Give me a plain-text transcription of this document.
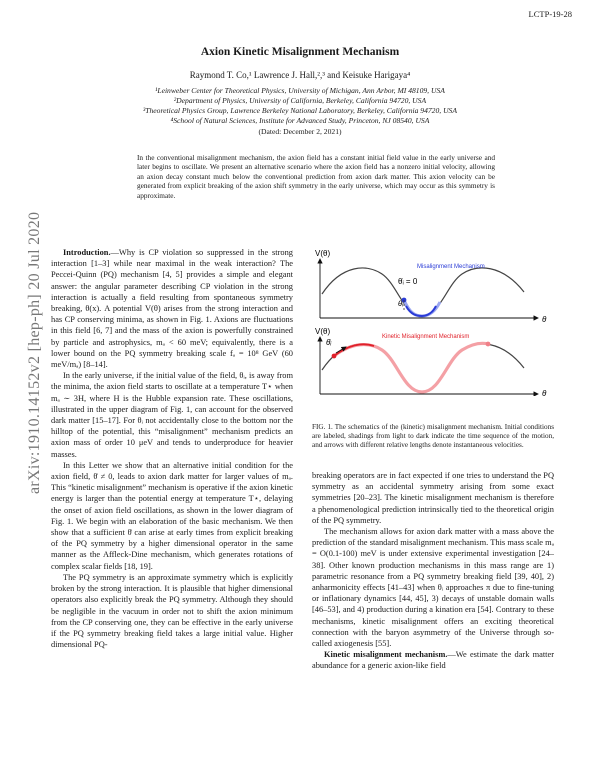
LCTP-19-28
arXiv:1910.14152v2 [hep-ph] 20 Jul 2020
Axion Kinetic Misalignment Mechanism
Raymond T. Co,¹ Lawrence J. Hall,²,³ and Keisuke Harigaya⁴
¹Leinweber Center for Theoretical Physics, University of Michigan, Ann Arbor, MI 48109, USA
²Department of Physics, University of California, Berkeley, California 94720, USA
³Theoretical Physics Group, Lawrence Berkeley National Laboratory, Berkeley, California 94720, USA
⁴School of Natural Sciences, Institute for Advanced Study, Princeton, NJ 08540, USA
(Dated: December 2, 2021)
In the conventional misalignment mechanism, the axion field has a constant initial field value in the early universe and later begins to oscillate. We present an alternative scenario where the axion field has a nonzero initial velocity, allowing an axion decay constant much below the conventional prediction from axion dark matter. This axion velocity can be generated from explicit breaking of the axion shift symmetry in the early universe, which may occur as this symmetry is approximate.

Introduction.—Why is CP violation so suppressed in the strong interaction [1–3] while near maximal in the weak interaction? The Peccei-Quinn (PQ) mechanism [4, 5] provides a simple and elegant answer: the angular parameter describing CP violation in the strong interaction is actually a field resulting from spontaneous symmetry breaking, θ(x). A potential V(θ) arises from the strong interaction and has CP conserving minima, as shown in Fig. 1. Axions are fluctuations in this field [6, 7] and the mass of the axion is powerfully constrained by particle and astrophysics, mₐ < 60 meV; equivalently, there is a lower bound on the PQ symmetry breaking scale fₐ = 10⁸ GeV (60 meV/mₐ) [8–14].

In the early universe, if the initial value of the field, θᵢ, is away from the minima, the axion field starts to oscillate at a temperature T⋆ when mₐ ∼ 3H, where H is the Hubble expansion rate. These oscillations, illustrated in the upper diagram of Fig. 1, can account for the observed dark matter [15–17]. For θᵢ not accidentally close to the bottom nor the hilltop of the potential, this “misalignment” mechanism predicts an axion mass of order 10 μeV and tends to underproduce for heavier masses.

In this Letter we show that an alternative initial condition for the axion field, θ̇ ≠ 0, leads to axion dark matter for larger values of mₐ. This “kinetic misalignment” mechanism is operative if the axion kinetic energy is larger than the potential energy at temperature T⋆, delaying the onset of axion field oscillations, as shown in the lower diagram of Fig. 1. We begin with an elaboration of the basic mechanism. We then show that a sufficient θ̇ can arise at early times from explicit breaking of the PQ symmetry by a higher dimensional operator in the same manner as the Affleck-Dine mechanism, which generates rotations of complex scalar fields [18, 19].

The PQ symmetry is an approximate symmetry which is explicitly broken by the strong interaction. It is plausible that higher dimensional operators also explicitly break the PQ symmetry. Although they should be negligible in the vacuum in order not to shift the axion minimum from the CP conserving one, they can be effective in the early universe if the PQ symmetry breaking field takes a large initial value. Higher dimensional PQ-

V(θ)
θ
θ̇ᵢ = 0
θᵢ
Misalignment Mechanism
V(θ)
θ
θ̇ᵢ
Kinetic Misalignment Mechanism
FIG. 1. The schematics of the (kinetic) misalignment mechanism. Initial conditions are labeled, shadings from light to dark indicate the time sequence of the motion, and arrows with different relative lengths denote instantaneous velocities.

breaking operators are in fact expected if one tries to understand the PQ symmetry as an accidental symmetry arising from some exact symmetries [20–23]. The kinetic misalignment mechanism is therefore a phenomenological prediction intrinsically tied to the theoretical origin of the PQ symmetry.

The mechanism allows for axion dark matter with a mass above the prediction of the standard misalignment mechanism. This mass scale mₐ = O(0.1-100) meV is under extensive experimental investigation [24–38]. Other known production mechanisms in this mass range are 1) parametric resonance from a PQ symmetry breaking field [39, 40], 2) anharmonicity effects [41–43] when θᵢ approaches π due to fine-tuning or inflationary dynamics [44, 45], 3) decays of unstable domain walls [46–53], and 4) production during a kination era [54]. Contrary to these mechanisms, kinetic misalignment offers an exciting theoretical connection with the baryon asymmetry of the Universe through so-called axiogenesis [55].

Kinetic misalignment mechanism.—We estimate the dark matter abundance for a generic axion-like field
